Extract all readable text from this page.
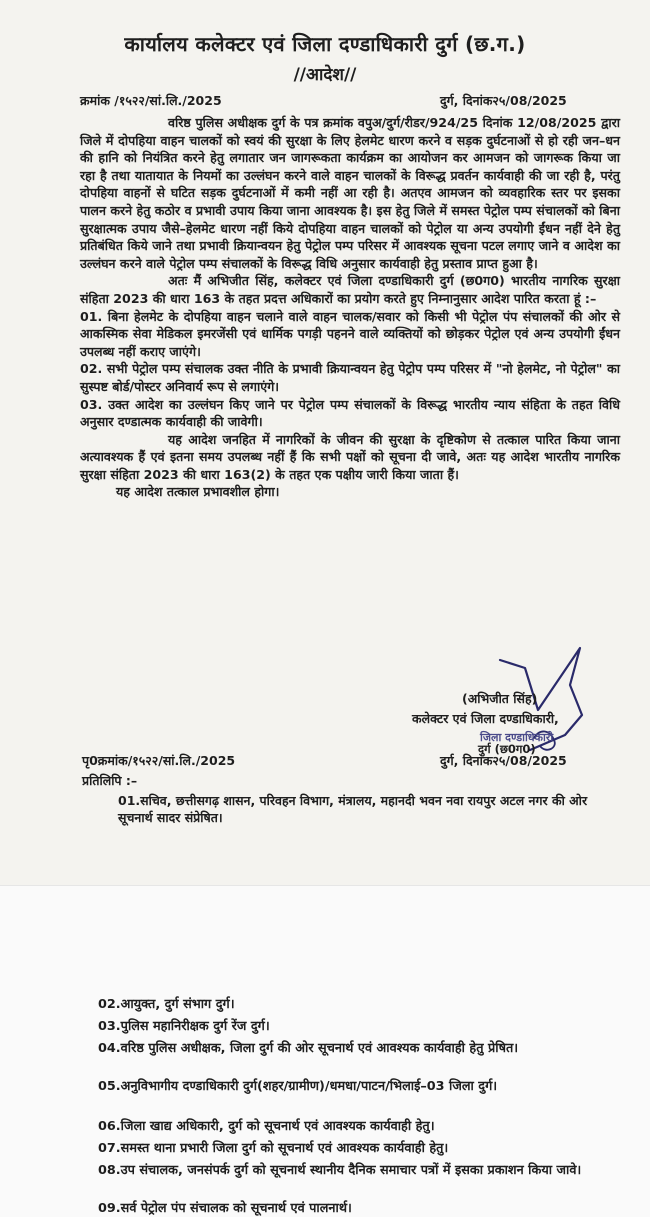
कार्यालय कलेक्टर एवं जिला दण्डाधिकारी दुर्ग (छ.ग.)
//आदेश//
क्रमांक /१५२२/सां.लि./2025	दुर्ग, दिनांक२५/08/2025

वरिष्ठ पुलिस अधीक्षक दुर्ग के पत्र क्रमांक वपुअ/दुर्ग/रीडर/924/25 दिनांक 12/08/2025 द्वारा जिले में दोपहिया वाहन चालकों को स्वयं की सुरक्षा के लिए हेलमेट धारण करने व सड़क दुर्घटनाओं से हो रही जन–धन की हानि को नियंत्रित करने हेतु लगातार जन जागरूकता कार्यक्रम का आयोजन कर आमजन को जागरूक किया जा रहा है तथा यातायात के नियमों का उल्लंघन करने वाले वाहन चालकों के विरूद्ध प्रवर्तन कार्यवाही की जा रही है, परंतु दोपहिया वाहनों से घटित सड़क दुर्घटनाओं में कमी नहीं आ रही है। अतएव आमजन को व्यवहारिक स्तर पर इसका पालन करने हेतु कठोर व प्रभावी उपाय किया जाना आवश्यक है। इस हेतु जिले में समस्त पेट्रोल पम्प संचालकों को बिना सुरक्षात्मक उपाय जैसे–हेलमेट धारण नहीं किये दोपहिया वाहन चालकों को पेट्रोल या अन्य उपयोगी ईंधन नहीं देने हेतु प्रतिबंधित किये जाने तथा प्रभावी क्रियान्वयन हेतु पेट्रोल पम्प परिसर में आवश्यक सूचना पटल लगाए जाने व आदेश का उल्लंघन करने वाले पेट्रोल पम्प संचालकों के विरूद्ध विधि अनुसार कार्यवाही हेतु प्रस्ताव प्राप्त हुआ है।

अतः मैं अभिजीत सिंह, कलेक्टर एवं जिला दण्डाधिकारी दुर्ग (छ0ग0) भारतीय नागरिक सुरक्षा संहिता 2023 की धारा 163 के तहत प्रदत्त अधिकारों का प्रयोग करते हुए निम्नानुसार आदेश पारित करता हूं :–

01. बिना हेलमेट के दोपहिया वाहन चलाने वाले वाहन चालक/सवार को किसी भी पेट्रोल पंप संचालकों की ओर से आकस्मिक सेवा मेडिकल इमरजेंसी एवं धार्मिक पगड़ी पहनने वाले व्यक्तियों को छोड़कर पेट्रोल एवं अन्य उपयोगी ईंधन उपलब्ध नहीं कराए जाएंगे।

02. सभी पेट्रोल पम्प संचालक उक्त नीति के प्रभावी क्रियान्वयन हेतु पेट्रोप पम्प परिसर में "नो हेलमेट, नो पेट्रोल" का सुस्पष्ट बोर्ड/पोस्टर अनिवार्य रूप से लगाएंगे।

03. उक्त आदेश का उल्लंघन किए जाने पर पेट्रोल पम्प संचालकों के विरूद्ध भारतीय न्याय संहिता के तहत विधि अनुसार दण्डात्मक कार्यवाही की जावेगी।

यह आदेश जनहित में नागरिकों के जीवन की सुरक्षा के दृष्टिकोण से तत्काल पारित किया जाना अत्यावश्यक हैं एवं इतना समय उपलब्ध नहीं हैं कि सभी पक्षों को सूचना दी जावे, अतः यह आदेश भारतीय नागरिक सुरक्षा संहिता 2023 की धारा 163(2) के तहत एक पक्षीय जारी किया जाता हैं।

यह आदेश तत्काल प्रभावशील होगा।

(अभिजीत सिंह)
कलेक्टर एवं जिला दण्डाधिकारी,
जिला दण्डाधिकारी
दुर्ग (छ0ग0)
पृ0क्रमांक/१५२२/सां.लि./2025	दुर्ग, दिनांक२५/08/2025
प्रतिलिपि :–
01.सचिव, छत्तीसगढ़ शासन, परिवहन विभाग, मंत्रालय, महानदी भवन नवा रायपुर अटल नगर की ओर सूचनार्थ सादर संप्रेषित।
02.आयुक्त, दुर्ग संभाग दुर्ग।
03.पुलिस महानिरीक्षक दुर्ग रेंज दुर्ग।
04.वरिष्ठ पुलिस अधीक्षक, जिला दुर्ग की ओर सूचनार्थ एवं आवश्यक कार्यवाही हेतु प्रेषित।
05.अनुविभागीय दण्डाधिकारी दुर्ग(शहर/ग्रामीण)/धमधा/पाटन/भिलाई–03 जिला दुर्ग।
06.जिला खाद्य अधिकारी, दुर्ग को सूचनार्थ एवं आवश्यक कार्यवाही हेतु।
07.समस्त थाना प्रभारी जिला दुर्ग को सूचनार्थ एवं आवश्यक कार्यवाही हेतु।
08.उप संचालक, जनसंपर्क दुर्ग को सूचनार्थ स्थानीय दैनिक समाचार पत्रों में इसका प्रकाशन किया जावे।
09.सर्व पेट्रोल पंप संचालक को सूचनार्थ एवं पालनार्थ।
